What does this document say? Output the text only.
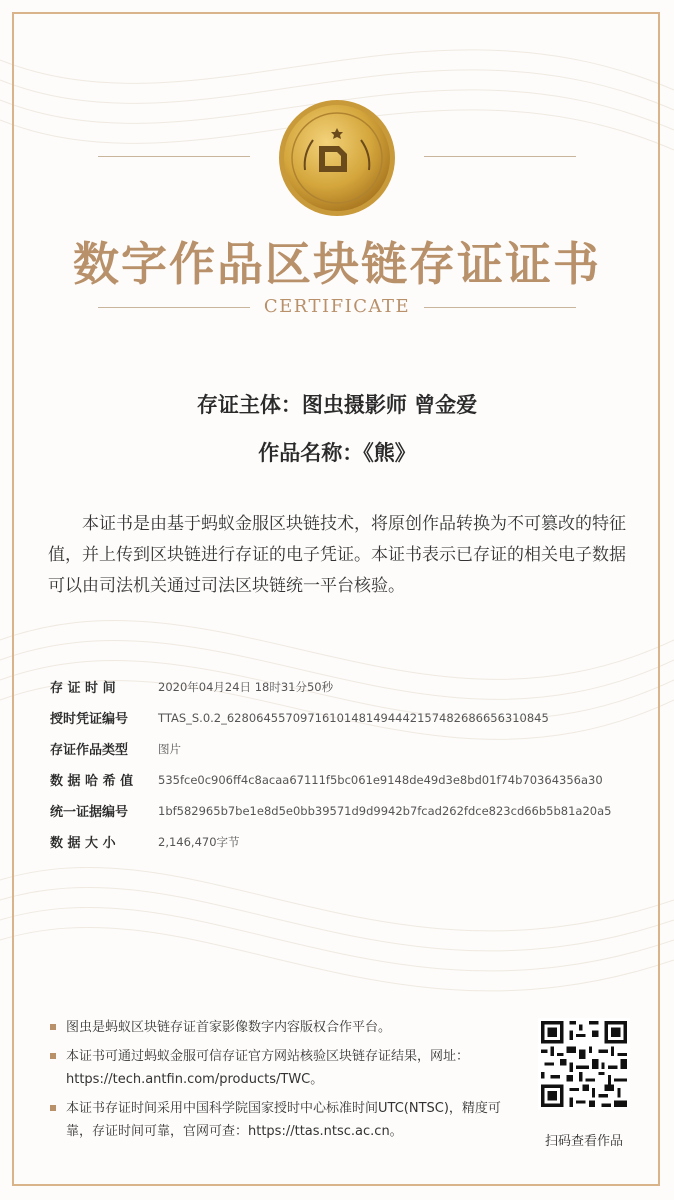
数字作品区块链存证证书
CERTIFICATE
存证主体：图虫摄影师 曾金爱
作品名称：《熊》
本证书是由基于蚂蚁金服区块链技术，将原创作品转换为不可篡改的特征值，并上传到区块链进行存证的电子凭证。本证书表示已存证的相关电子数据可以由司法机关通过司法区块链统一平台核验。
存 证 时 间	2020年04月24日 18时31分50秒
授时凭证编号	TTAS_S.0.2_6280645570971610148149444215748268665631084​5
存证作品类型	图片
数 据 哈 希 值	535fce0c906ff4c8acaa67111f5bc061e9148de49d3e8bd01f74b70364356a30
统一证据编号	1bf582965b7be1e8d5e0bb39571d9d9942b7fcad262fdce823cd66b5b81a20a5
数 据 大 小	2,146,470字节
图虫是蚂蚁区块链存证首家影像数字内容版权合作平台。
本证书可通过蚂蚁金服可信存证官方网站核验区块链存证结果，网址：https://tech.antfin.com/products/TWC。
本证书存证时间采用中国科学院国家授时中心标准时间UTC(NTSC)，精度可靠，存证时间可靠，官网可查：https://ttas.ntsc.ac.cn。
扫码查看作品
